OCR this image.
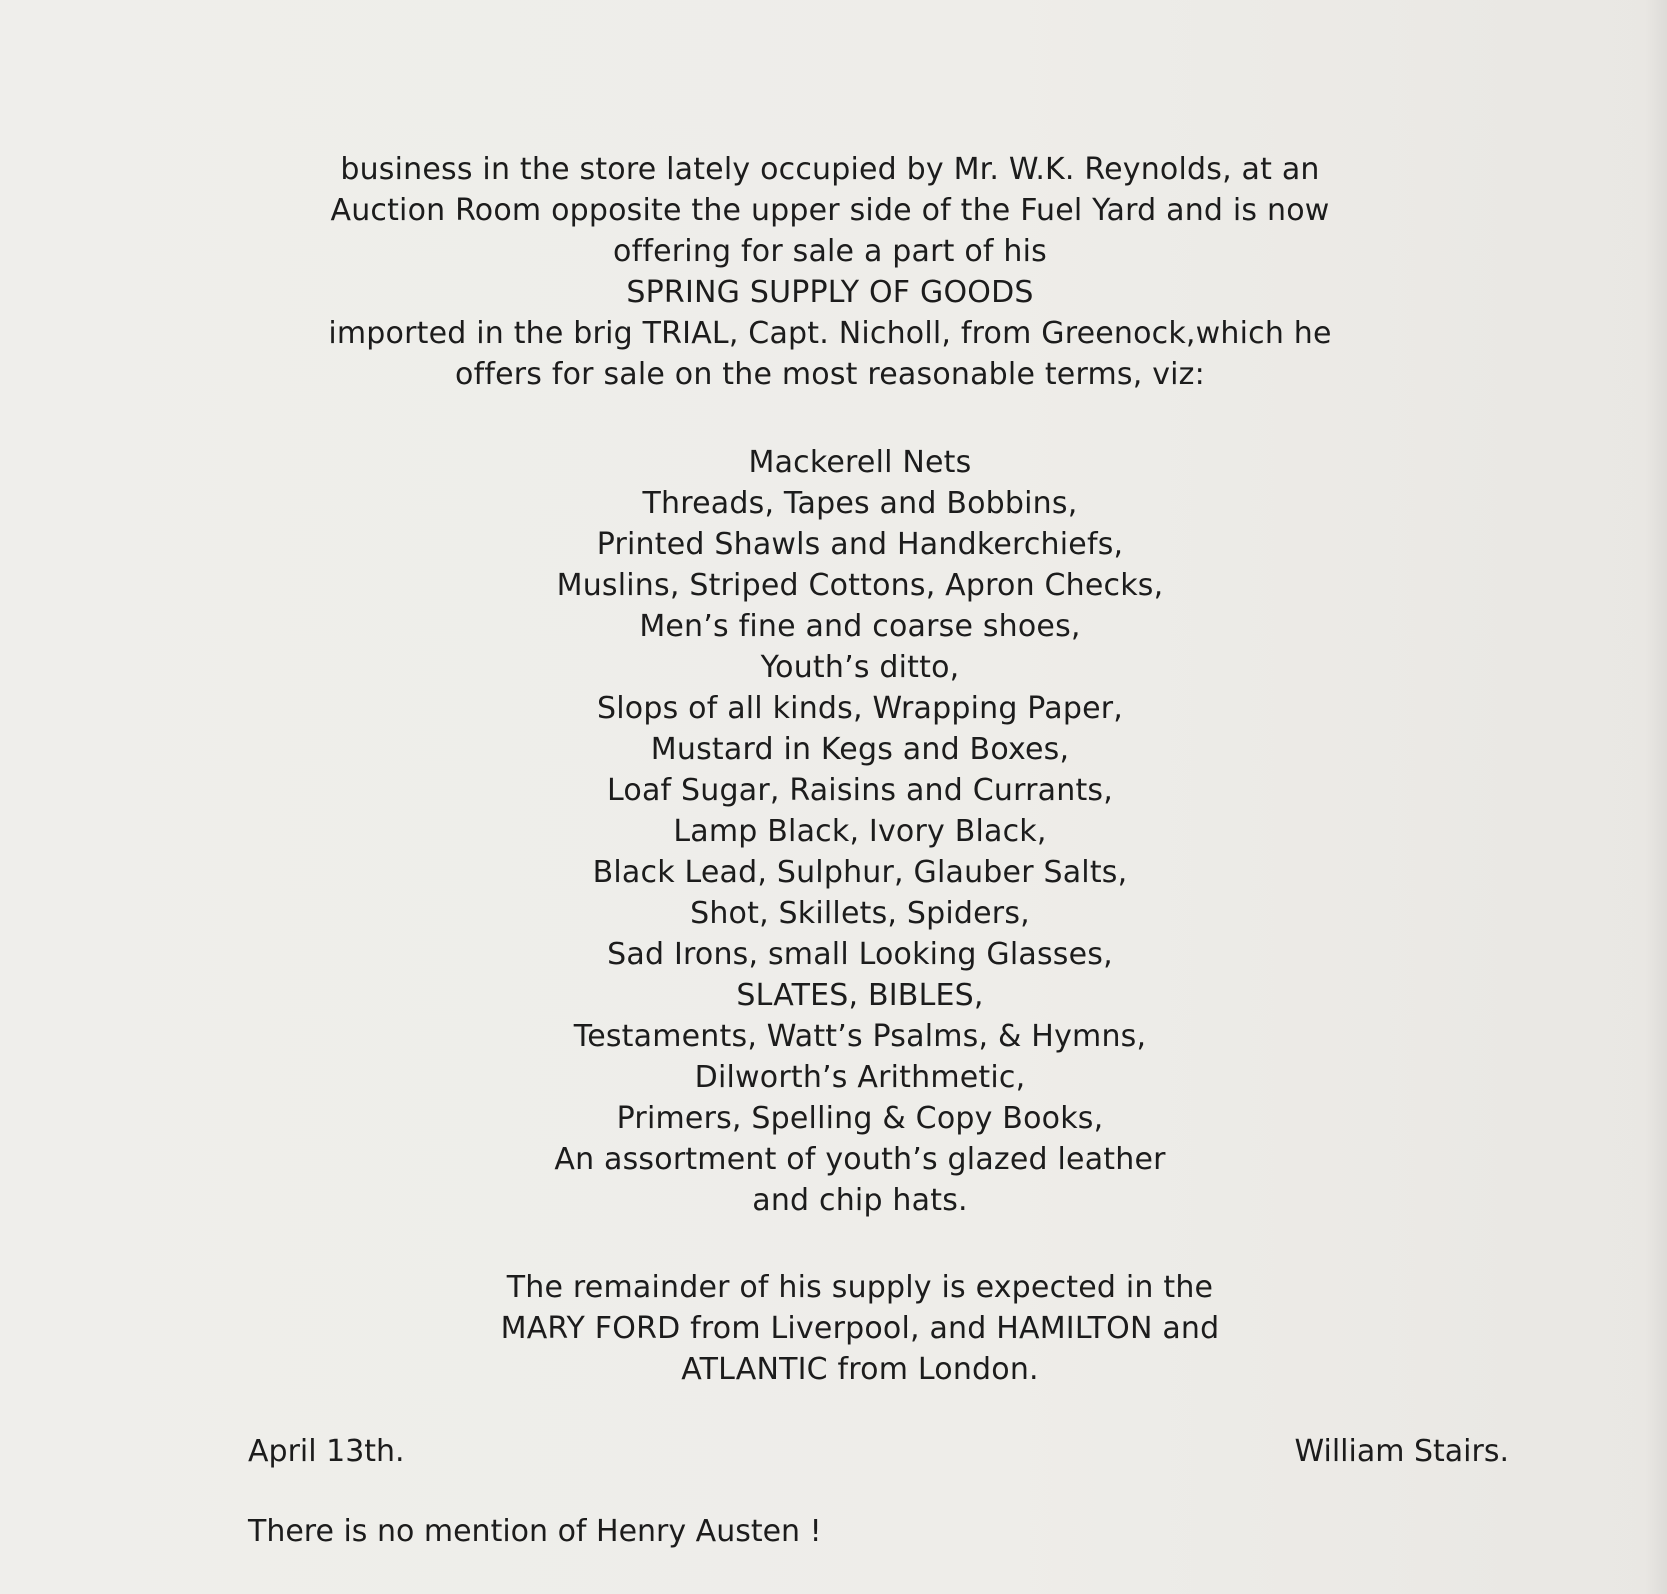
business in the store lately occupied by Mr. W.K. Reynolds, at an
Auction Room opposite the upper side of the Fuel Yard and is now
offering for sale a part of his
SPRING SUPPLY OF GOODS
imported in the brig TRIAL, Capt. Nicholl, from Greenock,which he
offers for sale on the most reasonable terms, viz:
Mackerell Nets
Threads, Tapes and Bobbins,
Printed Shawls and Handkerchiefs,
Muslins, Striped Cottons, Apron Checks,
Men’s fine and coarse shoes,
Youth’s ditto,
Slops of all kinds, Wrapping Paper,
Mustard in Kegs and Boxes,
Loaf Sugar, Raisins and Currants,
Lamp Black, Ivory Black,
Black Lead, Sulphur, Glauber Salts,
Shot, Skillets, Spiders,
Sad Irons, small Looking Glasses,
SLATES, BIBLES,
Testaments, Watt’s Psalms, & Hymns,
Dilworth’s Arithmetic,
Primers, Spelling & Copy Books,
An assortment of youth’s glazed leather
and chip hats.
The remainder of his supply is expected in the
MARY FORD from Liverpool, and HAMILTON and
ATLANTIC from London.
April 13th.	William Stairs.
There is no mention of Henry Austen !
